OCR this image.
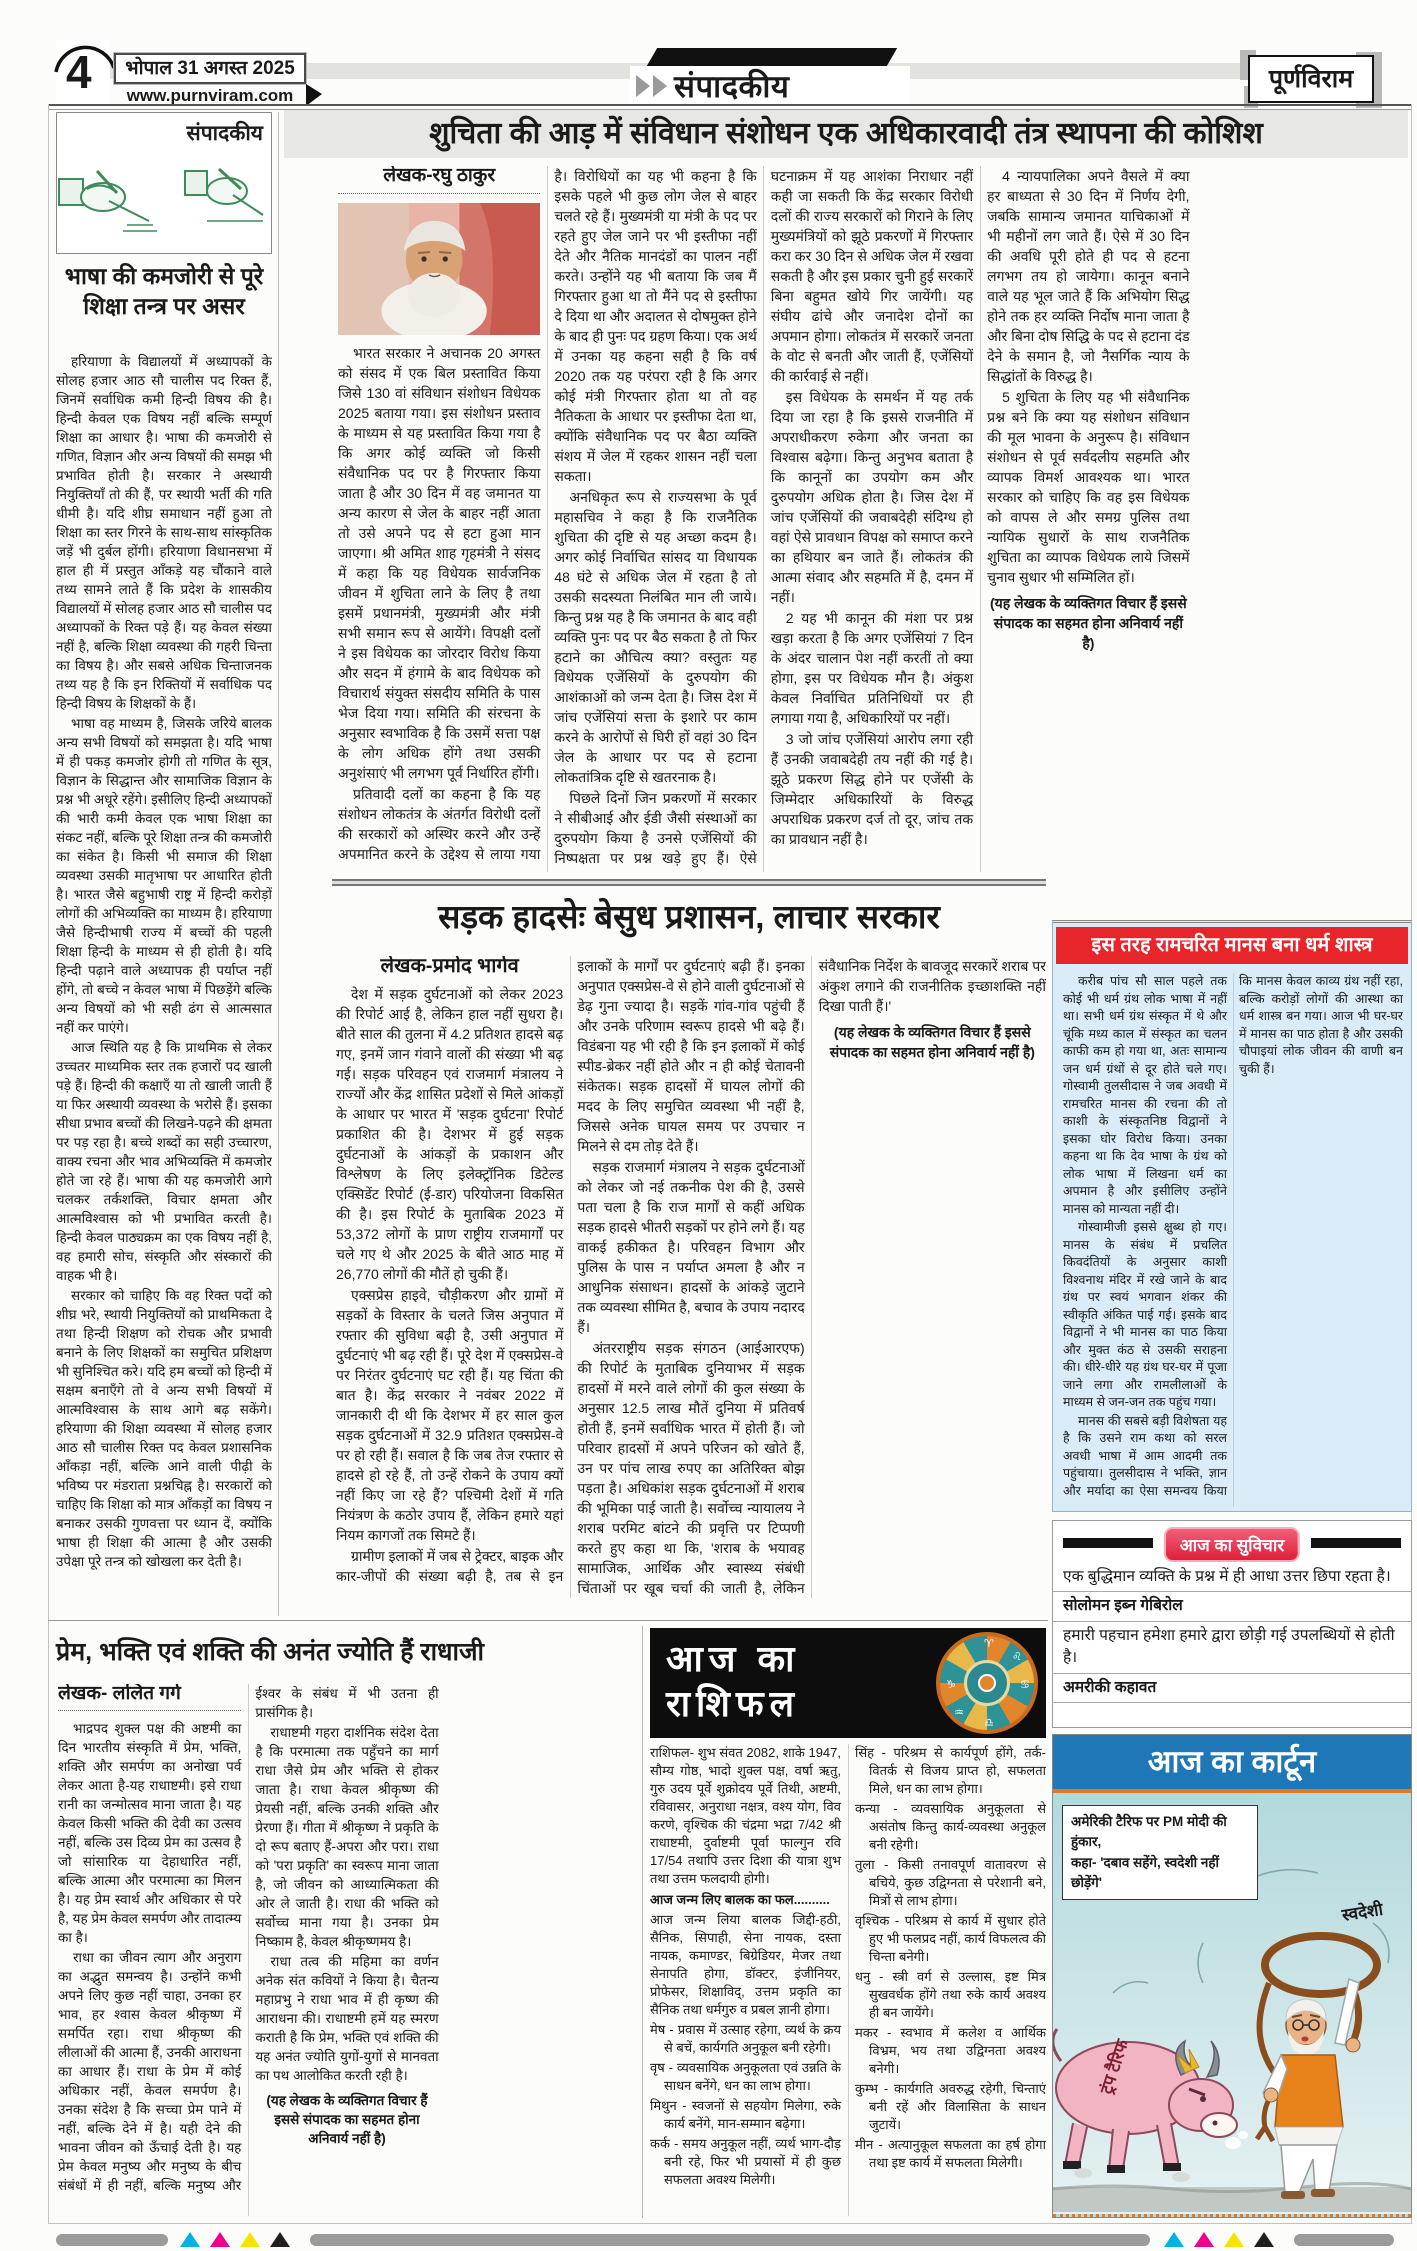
4	भोपाल 31 अगस्त 2025
www.purnviram.com	संपादकीय	पूर्णविराम
संपादकीय
भाषा की कमजोरी से पूरे
शिक्षा तन्त्र पर असर

हरियाणा के विद्यालयों में अध्यापकों के सोलह हजार आठ सौ चालीस पद रिक्त हैं, जिनमें सर्वाधिक कमी हिन्दी विषय की है। हिन्दी केवल एक विषय नहीं बल्कि सम्पूर्ण शिक्षा का आधार है। भाषा की कमजोरी से गणित, विज्ञान और अन्य विषयों की समझ भी प्रभावित होती है। सरकार ने अस्थायी नियुक्तियाँ तो की हैं, पर स्थायी भर्ती की गति धीमी है। यदि शीघ्र समाधान नहीं हुआ तो शिक्षा का स्तर गिरने के साथ-साथ सांस्कृतिक जड़ें भी दुर्बल होंगी। हरियाणा विधानसभा में हाल ही में प्रस्तुत आँकड़े यह चौंकाने वाले तथ्य सामने लाते हैं कि प्रदेश के शासकीय विद्यालयों में सोलह हजार आठ सौ चालीस पद अध्यापकों के रिक्त पड़े हैं। यह केवल संख्या नहीं है, बल्कि शिक्षा व्यवस्था की गहरी चिन्ता का विषय है। और सबसे अधिक चिन्ताजनक तथ्य यह है कि इन रिक्तियों में सर्वाधिक पद हिन्दी विषय के शिक्षकों के हैं।

भाषा वह माध्यम है, जिसके जरिये बालक अन्य सभी विषयों को समझता है। यदि भाषा में ही पकड़ कमजोर होगी तो गणित के सूत्र, विज्ञान के सिद्धान्त और सामाजिक विज्ञान के प्रश्न भी अधूरे रहेंगे। इसीलिए हिन्दी अध्यापकों की भारी कमी केवल एक भाषा शिक्षा का संकट नहीं, बल्कि पूरे शिक्षा तन्त्र की कमजोरी का संकेत है। किसी भी समाज की शिक्षा व्यवस्था उसकी मातृभाषा पर आधारित होती है। भारत जैसे बहुभाषी राष्ट्र में हिन्दी करोड़ों लोगों की अभिव्यक्ति का माध्यम है। हरियाणा जैसे हिन्दीभाषी राज्य में बच्चों की पहली शिक्षा हिन्दी के माध्यम से ही होती है। यदि हिन्दी पढ़ाने वाले अध्यापक ही पर्याप्त नहीं होंगे, तो बच्चे न केवल भाषा में पिछड़ेंगे बल्कि अन्य विषयों को भी सही ढंग से आत्मसात नहीं कर पाएंगे।

आज स्थिति यह है कि प्राथमिक से लेकर उच्चतर माध्यमिक स्तर तक हजारों पद खाली पड़े हैं। हिन्दी की कक्षाएँ या तो खाली जाती हैं या फिर अस्थायी व्यवस्था के भरोसे हैं। इसका सीधा प्रभाव बच्चों की लिखने-पढ़ने की क्षमता पर पड़ रहा है। बच्चे शब्दों का सही उच्चारण, वाक्य रचना और भाव अभिव्यक्ति में कमजोर होते जा रहे हैं। भाषा की यह कमजोरी आगे चलकर तर्कशक्ति, विचार क्षमता और आत्मविश्वास को भी प्रभावित करती है। हिन्दी केवल पाठ्यक्रम का एक विषय नहीं है, वह हमारी सोच, संस्कृति और संस्कारों की वाहक भी है।

सरकार को चाहिए कि वह रिक्त पदों को शीघ्र भरे, स्थायी नियुक्तियों को प्राथमिकता दे तथा हिन्दी शिक्षण को रोचक और प्रभावी बनाने के लिए शिक्षकों का समुचित प्रशिक्षण भी सुनिश्चित करे। यदि हम बच्चों को हिन्दी में सक्षम बनाएँगे तो वे अन्य सभी विषयों में आत्मविश्वास के साथ आगे बढ़ सकेंगे। हरियाणा की शिक्षा व्यवस्था में सोलह हजार आठ सौ चालीस रिक्त पद केवल प्रशासनिक आँकड़ा नहीं, बल्कि आने वाली पीढ़ी के भविष्य पर मंडराता प्रश्नचिह्न है। सरकारों को चाहिए कि शिक्षा को मात्र आँकड़ों का विषय न बनाकर उसकी गुणवत्ता पर ध्यान दें, क्योंकि भाषा ही शिक्षा की आत्मा है और उसकी उपेक्षा पूरे तन्त्र को खोखला कर देती है।

शुचिता की आड़ में संविधान संशोधन एक अधिकारवादी तंत्र स्थापना की कोशिश
लेखक-रघु ठाकुर

भारत सरकार ने अचानक 20 अगस्त को संसद में एक बिल प्रस्तावित किया जिसे 130 वां संविधान संशोधन विधेयक 2025 बताया गया। इस संशोधन प्रस्ताव के माध्यम से यह प्रस्तावित किया गया है कि अगर कोई व्यक्ति जो किसी संवैधानिक पद पर है गिरफ्तार किया जाता है और 30 दिन में वह जमानत या अन्य कारण से जेल के बाहर नहीं आता तो उसे अपने पद से हटा हुआ मान जाएगा। श्री अमित शाह गृहमंत्री ने संसद में कहा कि यह विधेयक सार्वजनिक जीवन में शुचिता लाने के लिए है तथा इसमें प्रधानमंत्री, मुख्यमंत्री और मंत्री सभी समान रूप से आयेंगे। विपक्षी दलों ने इस विधेयक का जोरदार विरोध किया और सदन में हंगामे के बाद विधेयक को विचारार्थ संयुक्त संसदीय समिति के पास भेज दिया गया। समिति की संरचना के अनुसार स्वभाविक है कि उसमें सत्ता पक्ष के लोग अधिक होंगे तथा उसकी अनुशंसाएं भी लगभग पूर्व निर्धारित होंगी।

प्रतिवादी दलों का कहना है कि यह संशोधन लोकतंत्र के अंतर्गत विरोधी दलों की सरकारों को अस्थिर करने और उन्हें अपमानित करने के उद्देश्य से लाया गया है। विरोधियों का यह भी कहना है कि इसके पहले भी कुछ लोग जेल से बाहर चलते रहे हैं। मुख्यमंत्री या मंत्री के पद पर रहते हुए जेल जाने पर भी इस्तीफा नहीं देते और नैतिक मानदंडों का पालन नहीं करते। उन्होंने यह भी बताया कि जब मैं गिरफ्तार हुआ था तो मैंने पद से इस्तीफा दे दिया था और अदालत से दोषमुक्त होने के बाद ही पुनः पद ग्रहण किया। एक अर्थ में उनका यह कहना सही है कि वर्ष 2020 तक यह परंपरा रही है कि अगर कोई मंत्री गिरफ्तार होता था तो वह नैतिकता के आधार पर इस्तीफा देता था, क्योंकि संवैधानिक पद पर बैठा व्यक्ति संशय में जेल में रहकर शासन नहीं चला सकता।

अनधिकृत रूप से राज्यसभा के पूर्व महासचिव ने कहा है कि राजनैतिक शुचिता की दृष्टि से यह अच्छा कदम है। अगर कोई निर्वाचित सांसद या विधायक 48 घंटे से अधिक जेल में रहता है तो उसकी सदस्यता निलंबित मान ली जाये। किन्तु प्रश्न यह है कि जमानत के बाद वही व्यक्ति पुनः पद पर बैठ सकता है तो फिर हटाने का औचित्य क्या? वस्तुतः यह विधेयक एजेंसियों के दुरुपयोग की आशंकाओं को जन्म देता है। जिस देश में जांच एजेंसियां सत्ता के इशारे पर काम करने के आरोपों से घिरी हों वहां 30 दिन जेल के आधार पर पद से हटाना लोकतांत्रिक दृष्टि से खतरनाक है।

पिछले दिनों जिन प्रकरणों में सरकार ने सीबीआई और ईडी जैसी संस्थाओं का दुरुपयोग किया है उनसे एजेंसियों की निष्पक्षता पर प्रश्न खड़े हुए हैं। ऐसे घटनाक्रम में यह आशंका निराधार नहीं कही जा सकती कि केंद्र सरकार विरोधी दलों की राज्य सरकारों को गिराने के लिए मुख्यमंत्रियों को झूठे प्रकरणों में गिरफ्तार करा कर 30 दिन से अधिक जेल में रखवा सकती है और इस प्रकार चुनी हुई सरकारें बिना बहुमत खोये गिर जायेंगी। यह संघीय ढांचे और जनादेश दोनों का अपमान होगा। लोकतंत्र में सरकारें जनता के वोट से बनती और जाती हैं, एजेंसियों की कार्रवाई से नहीं।

इस विधेयक के समर्थन में यह तर्क दिया जा रहा है कि इससे राजनीति में अपराधीकरण रुकेगा और जनता का विश्वास बढ़ेगा। किन्तु अनुभव बताता है कि कानूनों का उपयोग कम और दुरुपयोग अधिक होता है। जिस देश में जांच एजेंसियों की जवाबदेही संदिग्ध हो वहां ऐसे प्रावधान विपक्ष को समाप्त करने का हथियार बन जाते हैं। लोकतंत्र की आत्मा संवाद और सहमति में है, दमन में नहीं।

2 यह भी कानून की मंशा पर प्रश्न खड़ा करता है कि अगर एजेंसियां 7 दिन के अंदर चालान पेश नहीं करतीं तो क्या होगा, इस पर विधेयक मौन है। अंकुश केवल निर्वाचित प्रतिनिधियों पर ही लगाया गया है, अधिकारियों पर नहीं।

3 जो जांच एजेंसियां आरोप लगा रही हैं उनकी जवाबदेही तय नहीं की गई है। झूठे प्रकरण सिद्ध होने पर एजेंसी के जिम्मेदार अधिकारियों के विरुद्ध अपराधिक प्रकरण दर्ज तो दूर, जांच तक का प्रावधान नहीं है।

4 न्यायपालिका अपने वैसले में क्या हर बाध्यता से 30 दिन में निर्णय देगी, जबकि सामान्य जमानत याचिकाओं में भी महीनों लग जाते हैं। ऐसे में 30 दिन की अवधि पूरी होते ही पद से हटना लगभग तय हो जायेगा। कानून बनाने वाले यह भूल जाते हैं कि अभियोग सिद्ध होने तक हर व्यक्ति निर्दोष माना जाता है और बिना दोष सिद्धि के पद से हटाना दंड देने के समान है, जो नैसर्गिक न्याय के सिद्धांतों के विरुद्ध है।

5 शुचिता के लिए यह भी संवैधानिक प्रश्न बने कि क्या यह संशोधन संविधान की मूल भावना के अनुरूप है। संविधान संशोधन से पूर्व सर्वदलीय सहमति और व्यापक विमर्श आवश्यक था। भारत सरकार को चाहिए कि वह इस विधेयक को वापस ले और समग्र पुलिस तथा न्यायिक सुधारों के साथ राजनैतिक शुचिता का व्यापक विधेयक लाये जिसमें चुनाव सुधार भी सम्मिलित हों।

(यह लेखक के व्यक्तिगत विचार हैं इससे संपादक का सहमत होना अनिवार्य नहीं है)
सड़क हादसेः बेसुध प्रशासन, लाचार सरकार
लेखक-प्रमोद भार्गव

देश में सड़क दुर्घटनाओं को लेकर 2023 की रिपोर्ट आई है, लेकिन हाल नहीं सुधरा है। बीते साल की तुलना में 4.2 प्रतिशत हादसे बढ़ गए, इनमें जान गंवाने वालों की संख्या भी बढ़ गई। सड़क परिवहन एवं राजमार्ग मंत्रालय ने राज्यों और केंद्र शासित प्रदेशों से मिले आंकड़ों के आधार पर भारत में 'सड़क दुर्घटना' रिपोर्ट प्रकाशित की है। देशभर में हुई सड़क दुर्घटनाओं के आंकड़ों के प्रकाशन और विश्लेषण के लिए इलेक्ट्रॉनिक डिटेल्ड एक्सिडेंट रिपोर्ट (ई-डार) परियोजना विकसित की है। इस रिपोर्ट के मुताबिक 2023 में 53,372 लोगों के प्राण राष्ट्रीय राजमार्गों पर चले गए थे और 2025 के बीते आठ माह में 26,770 लोगों की मौतें हो चुकी हैं।

एक्सप्रेस हाइवे, चौड़ीकरण और ग्रामों में सड़कों के विस्तार के चलते जिस अनुपात में रफ्तार की सुविधा बढ़ी है, उसी अनुपात में दुर्घटनाएं भी बढ़ रही हैं। पूरे देश में एक्सप्रेस-वे पर निरंतर दुर्घटनाएं घट रही हैं। यह चिंता की बात है। केंद्र सरकार ने नवंबर 2022 में जानकारी दी थी कि देशभर में हर साल कुल सड़क दुर्घटनाओं में 32.9 प्रतिशत एक्सप्रेस-वे पर हो रही हैं। सवाल है कि जब तेज रफ्तार से हादसे हो रहे हैं, तो उन्हें रोकने के उपाय क्यों नहीं किए जा रहे हैं? पश्चिमी देशों में गति नियंत्रण के कठोर उपाय हैं, लेकिन हमारे यहां नियम कागजों तक सिमटे हैं।

ग्रामीण इलाकों में जब से ट्रेक्टर, बाइक और कार-जीपों की संख्या बढ़ी है, तब से इन इलाकों के मार्गों पर दुर्घटनाएं बढ़ी हैं। इनका अनुपात एक्सप्रेस-वे से होने वाली दुर्घटनाओं से डेढ़ गुना ज्यादा है। सड़कें गांव-गांव पहुंची हैं और उनके परिणाम स्वरूप हादसे भी बढ़े हैं। विडंबना यह भी रही है कि इन इलाकों में कोई स्पीड-ब्रेकर नहीं होते और न ही कोई चेतावनी संकेतक। सड़क हादसों में घायल लोगों की मदद के लिए समुचित व्यवस्था भी नहीं है, जिससे अनेक घायल समय पर उपचार न मिलने से दम तोड़ देते हैं।

सड़क राजमार्ग मंत्रालय ने सड़क दुर्घटनाओं को लेकर जो नई तकनीक पेश की है, उससे पता चला है कि राज मार्गों से कहीं अधिक सड़क हादसे भीतरी सड़कों पर होने लगे हैं। यह वाकई हकीकत है। परिवहन विभाग और पुलिस के पास न पर्याप्त अमला है और न आधुनिक संसाधन। हादसों के आंकड़े जुटाने तक व्यवस्था सीमित है, बचाव के उपाय नदारद हैं।

अंतरराष्ट्रीय सड़क संगठन (आईआरएफ) की रिपोर्ट के मुताबिक दुनियाभर में सड़क हादसों में मरने वाले लोगों की कुल संख्या के अनुसार 12.5 लाख मौतें दुनिया में प्रतिवर्ष होती हैं, इनमें सर्वाधिक भारत में होती हैं। जो परिवार हादसों में अपने परिजन को खोते हैं, उन पर पांच लाख रुपए का अतिरिक्त बोझ पड़ता है। अधिकांश सड़क दुर्घटनाओं में शराब की भूमिका पाई जाती है। सर्वोच्च न्यायालय ने शराब परमिट बांटने की प्रवृत्ति पर टिप्पणी करते हुए कहा था कि, 'शराब के भयावह सामाजिक, आर्थिक और स्वास्थ्य संबंधी चिंताओं पर खूब चर्चा की जाती है, लेकिन संवैधानिक निर्देश के बावजूद सरकारें शराब पर अंकुश लगाने की राजनीतिक इच्छाशक्ति नहीं दिखा पाती हैं।'

(यह लेखक के व्यक्तिगत विचार हैं इससे संपादक का सहमत होना अनिवार्य नहीं है)
इस तरह रामचरित मानस बना धर्म शास्त्र

करीब पांच सौ साल पहले तक कोई भी धर्म ग्रंथ लोक भाषा में नहीं था। सभी धर्म ग्रंथ संस्कृत में थे और चूंकि मध्य काल में संस्कृत का चलन काफी कम हो गया था, अतः सामान्य जन धर्म ग्रंथों से दूर होते चले गए। गोस्वामी तुलसीदास ने जब अवधी में रामचरित मानस की रचना की तो काशी के संस्कृतनिष्ठ विद्वानों ने इसका घोर विरोध किया। उनका कहना था कि देव भाषा के ग्रंथ को लोक भाषा में लिखना धर्म का अपमान है और इसीलिए उन्होंने मानस को मान्यता नहीं दी।

गोस्वामीजी इससे क्षुब्ध हो गए। मानस के संबंध में प्रचलित किवदंतियों के अनुसार काशी विश्वनाथ मंदिर में रखे जाने के बाद ग्रंथ पर स्वयं भगवान शंकर की स्वीकृति अंकित पाई गई। इसके बाद विद्वानों ने भी मानस का पाठ किया और मुक्त कंठ से उसकी सराहना की। धीरे-धीरे यह ग्रंथ घर-घर में पूजा जाने लगा और रामलीलाओं के माध्यम से जन-जन तक पहुंच गया।

मानस की सबसे बड़ी विशेषता यह है कि उसने राम कथा को सरल अवधी भाषा में आम आदमी तक पहुंचाया। तुलसीदास ने भक्ति, ज्ञान और मर्यादा का ऐसा समन्वय किया कि मानस केवल काव्य ग्रंथ नहीं रहा, बल्कि करोड़ों लोगों की आस्था का धर्म शास्त्र बन गया। आज भी घर-घर में मानस का पाठ होता है और उसकी चौपाइयां लोक जीवन की वाणी बन चुकी हैं।

आज का सुविचार
एक बुद्धिमान व्यक्ति के प्रश्न में ही आधा उत्तर छिपा रहता है।
सोलोमन इब्न गेबिरोल
हमारी पहचान हमेशा हमारे द्वारा छोड़ी गई उपलब्धियों से होती है।
अमरीकी कहावत
आज का कार्टून
अमेरिकी टैरिफ पर PM मोदी की हुंकार,
कहा- 'दबाव सहेंगे, स्वदेशी नहीं छोड़ेंगे'
स्वदेशी
ट्रंप टैरिफ
प्रेम, भक्ति एवं शक्ति की अनंत ज्योति हैं राधाजी
लेखक- ललित गर्ग

भाद्रपद शुक्ल पक्ष की अष्टमी का दिन भारतीय संस्कृति में प्रेम, भक्ति, शक्ति और समर्पण का अनोखा पर्व लेकर आता है-यह राधाष्टमी। इसे राधा रानी का जन्मोत्सव माना जाता है। यह केवल किसी भक्ति की देवी का उत्सव नहीं, बल्कि उस दिव्य प्रेम का उत्सव है जो सांसारिक या देहाधारित नहीं, बल्कि आत्मा और परमात्मा का मिलन है। यह प्रेम स्वार्थ और अधिकार से परे है, यह प्रेम केवल समर्पण और तादात्म्य का है।

राधा का जीवन त्याग और अनुराग का अद्भुत समन्वय है। उन्होंने कभी अपने लिए कुछ नहीं चाहा, उनका हर भाव, हर श्वास केवल श्रीकृष्ण में समर्पित रहा। राधा श्रीकृष्ण की लीलाओं की आत्मा हैं, उनकी आराधना का आधार हैं। राधा के प्रेम में कोई अधिकार नहीं, केवल समर्पण है। उनका संदेश है कि सच्चा प्रेम पाने में नहीं, बल्कि देने में है। यही देने की भावना जीवन को ऊँचाई देती है। यह प्रेम केवल मनुष्य और मनुष्य के बीच संबंधों में ही नहीं, बल्कि मनुष्य और ईश्वर के संबंध में भी उतना ही प्रासंगिक है।

राधाष्टमी गहरा दार्शनिक संदेश देता है कि परमात्मा तक पहुँचने का मार्ग राधा जैसे प्रेम और भक्ति से होकर जाता है। राधा केवल श्रीकृष्ण की प्रेयसी नहीं, बल्कि उनकी शक्ति और प्रेरणा हैं। गीता में श्रीकृष्ण ने प्रकृति के दो रूप बताए हैं-अपरा और परा। राधा को 'परा प्रकृति' का स्वरूप माना जाता है, जो जीवन को आध्यात्मिकता की ओर ले जाती है। राधा की भक्ति को सर्वोच्च माना गया है। उनका प्रेम निष्काम है, केवल श्रीकृष्णमय है।

राधा तत्व की महिमा का वर्णन अनेक संत कवियों ने किया है। चैतन्य महाप्रभु ने राधा भाव में ही कृष्ण की आराधना की। राधाष्टमी हमें यह स्मरण कराती है कि प्रेम, भक्ति एवं शक्ति की यह अनंत ज्योति युगों-युगों से मानवता का पथ आलोकित करती रही है।

(यह लेखक के व्यक्तिगत विचार हैं इससे संपादक का सहमत होना अनिवार्य नहीं है)
आज का
राशिफल
♈
♋
♎
♑
♌
♒

राशिफल- शुभ संवत 2082, शाके 1947, सौम्य गोष्ठ, भादो शुक्ल पक्ष, वर्षा ऋतु, गुरु उदय पूर्वे शुक्रोदय पूर्वे तिथी, अष्टमी, रविवासर, अनुराधा नक्षत्र, वश्य योग, विव करणे, वृश्चिक की चंद्रमा भद्रा 7/42 श्री राधाष्टमी, दुर्वाष्टमी पूर्वा फाल्गुन रवि 17/54 तथापि उत्तर दिशा की यात्रा शुभ तथा उत्तम फलदायी होगी।

आज जन्म लिए बालक का फल..........

आज जन्म लिया बालक जिद्दी-हठी, सैनिक, सिपाही, सेना नायक, दस्ता नायक, कमाण्डर, बिग्रेडियर, मेजर तथा सेनापति होगा, डॉक्टर, इंजीनियर, प्रोफेसर, शिक्षाविद्, उत्तम प्रकृति का सैनिक तथा धर्मगुरु व प्रबल ज्ञानी होगा।

मेष - प्रवास में उत्साह रहेगा, व्यर्थ के क्रय से बचें, कार्यगति अनुकूल बनी रहेगी।

वृष - व्यवसायिक अनुकूलता एवं उन्नति के साधन बनेंगे, धन का लाभ होगा।

मिथुन - स्वजनों से सहयोग मिलेगा, रुके कार्य बनेंगे, मान-सम्मान बढ़ेगा।

कर्क - समय अनुकूल नहीं, व्यर्थ भाग-दौड़ बनी रहे, फिर भी प्रयासों में ही कुछ सफलता अवश्य मिलेगी।

सिंह - परिश्रम से कार्यपूर्ण होंगे, तर्क-वितर्क से विजय प्राप्त हो, सफलता मिले, धन का लाभ होगा।

कन्या - व्यवसायिक अनुकूलता से असंतोष किन्तु कार्य-व्यवस्था अनुकूल बनी रहेगी।

तुला - किसी तनावपूर्ण वातावरण से बचिये, कुछ उद्विग्नता से परेशानी बने, मित्रों से लाभ होगा।

वृश्चिक - परिश्रम से कार्य में सुधार होते हुए भी फलप्रद नहीं, कार्य विफलत्व की चिन्ता बनेगी।

धनु - स्त्री वर्ग से उल्लास, इष्ट मित्र सुखवर्धक होंगे तथा रुके कार्य अवश्य ही बन जायेंगे।

मकर - स्वभाव में कलेश व आर्थिक विभ्रम, भय तथा उद्विग्नता अवश्य बनेगी।

कुम्भ - कार्यगति अवरुद्ध रहेगी, चिन्ताएं बनी रहें और विलासिता के साधन जुटायें।

मीन - अत्यानुकूल सफलता का हर्ष होगा तथा इष्ट कार्य में सफलता मिलेगी।
